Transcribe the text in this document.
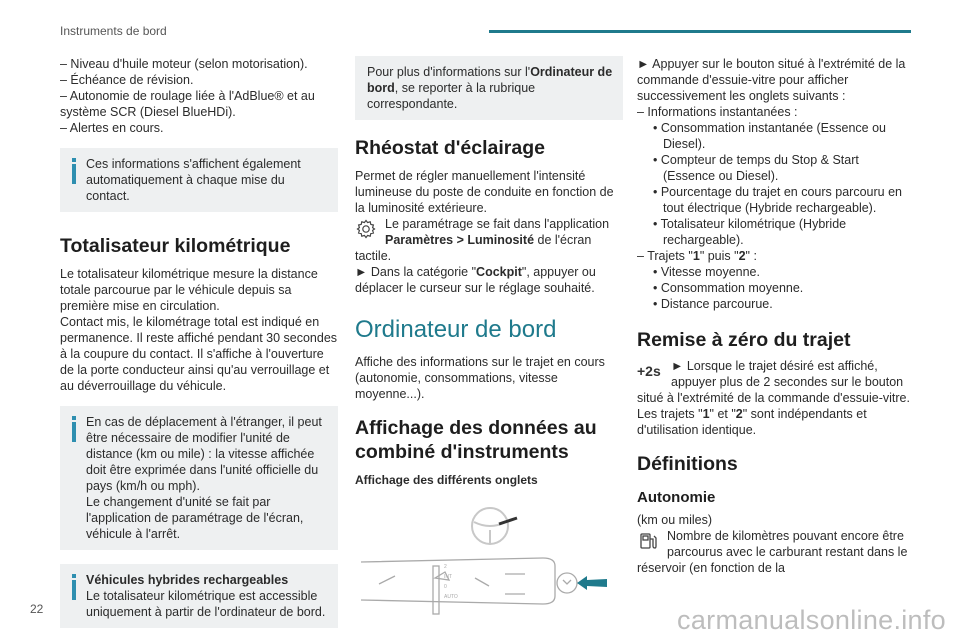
Instruments de bord

– Niveau d'huile moteur (selon motorisation).

– Échéance de révision.

– Autonomie de roulage liée à l'AdBlue® et au système SCR (Diesel BlueHDi).

– Alertes en cours.

Ces informations s'affichent également automatiquement à chaque mise du contact.

Totalisateur kilométrique

Le totalisateur kilométrique mesure la distance totale parcourue par le véhicule depuis sa première mise en circulation.

Contact mis, le kilométrage total est indiqué en permanence. Il reste affiché pendant 30 secondes à la coupure du contact. Il s'affiche à l'ouverture de la porte conducteur ainsi qu'au verrouillage et au déverrouillage du véhicule.

En cas de déplacement à l'étranger, il peut être nécessaire de modifier l'unité de distance (km ou mile) : la vitesse affichée doit être exprimée dans l'unité officielle du pays (km/h ou mph).

Le changement d'unité se fait par l'application de paramétrage de l'écran, véhicule à l'arrêt.

Véhicules hybrides rechargeables

Le totalisateur kilométrique est accessible uniquement à partir de l'ordinateur de bord.

Pour plus d'informations sur l'Ordinateur de bord, se reporter à la rubrique correspondante.

Rhéostat d'éclairage

Permet de régler manuellement l'intensité lumineuse du poste de conduite en fonction de la luminosité extérieure.

Le paramétrage se fait dans l'application Paramètres > Luminosité de l'écran tactile.

► Dans la catégorie "Cockpit", appuyer ou déplacer le curseur sur le réglage souhaité.

Ordinateur de bord

Affiche des informations sur le trajet en cours (autonomie, consommations, vitesse moyenne...).

Affichage des données au combiné d'instruments

Affichage des différents onglets

2
INT
0
AUTO

► Appuyer sur le bouton situé à l'extrémité de la commande d'essuie-vitre pour afficher successivement les onglets suivants :

– Informations instantanées :

• Consommation instantanée (Essence ou Diesel).

• Compteur de temps du Stop & Start (Essence ou Diesel).

• Pourcentage du trajet en cours parcouru en tout électrique (Hybride rechargeable).

• Totalisateur kilométrique (Hybride rechargeable).

– Trajets "1" puis "2" :

• Vitesse moyenne.

• Consommation moyenne.

• Distance parcourue.

Remise à zéro du trajet
+2s ► Lorsque le trajet désiré est affiché, appuyer plus de 2 secondes sur le bouton situé à l'extrémité de la commande d'essuie-vitre.

Les trajets "1" et "2" sont indépendants et d'utilisation identique.

Définitions
Autonomie

(km ou miles)

Nombre de kilomètres pouvant encore être parcourus avec le carburant restant dans le réservoir (en fonction de la

22	carmanualsonline.info
